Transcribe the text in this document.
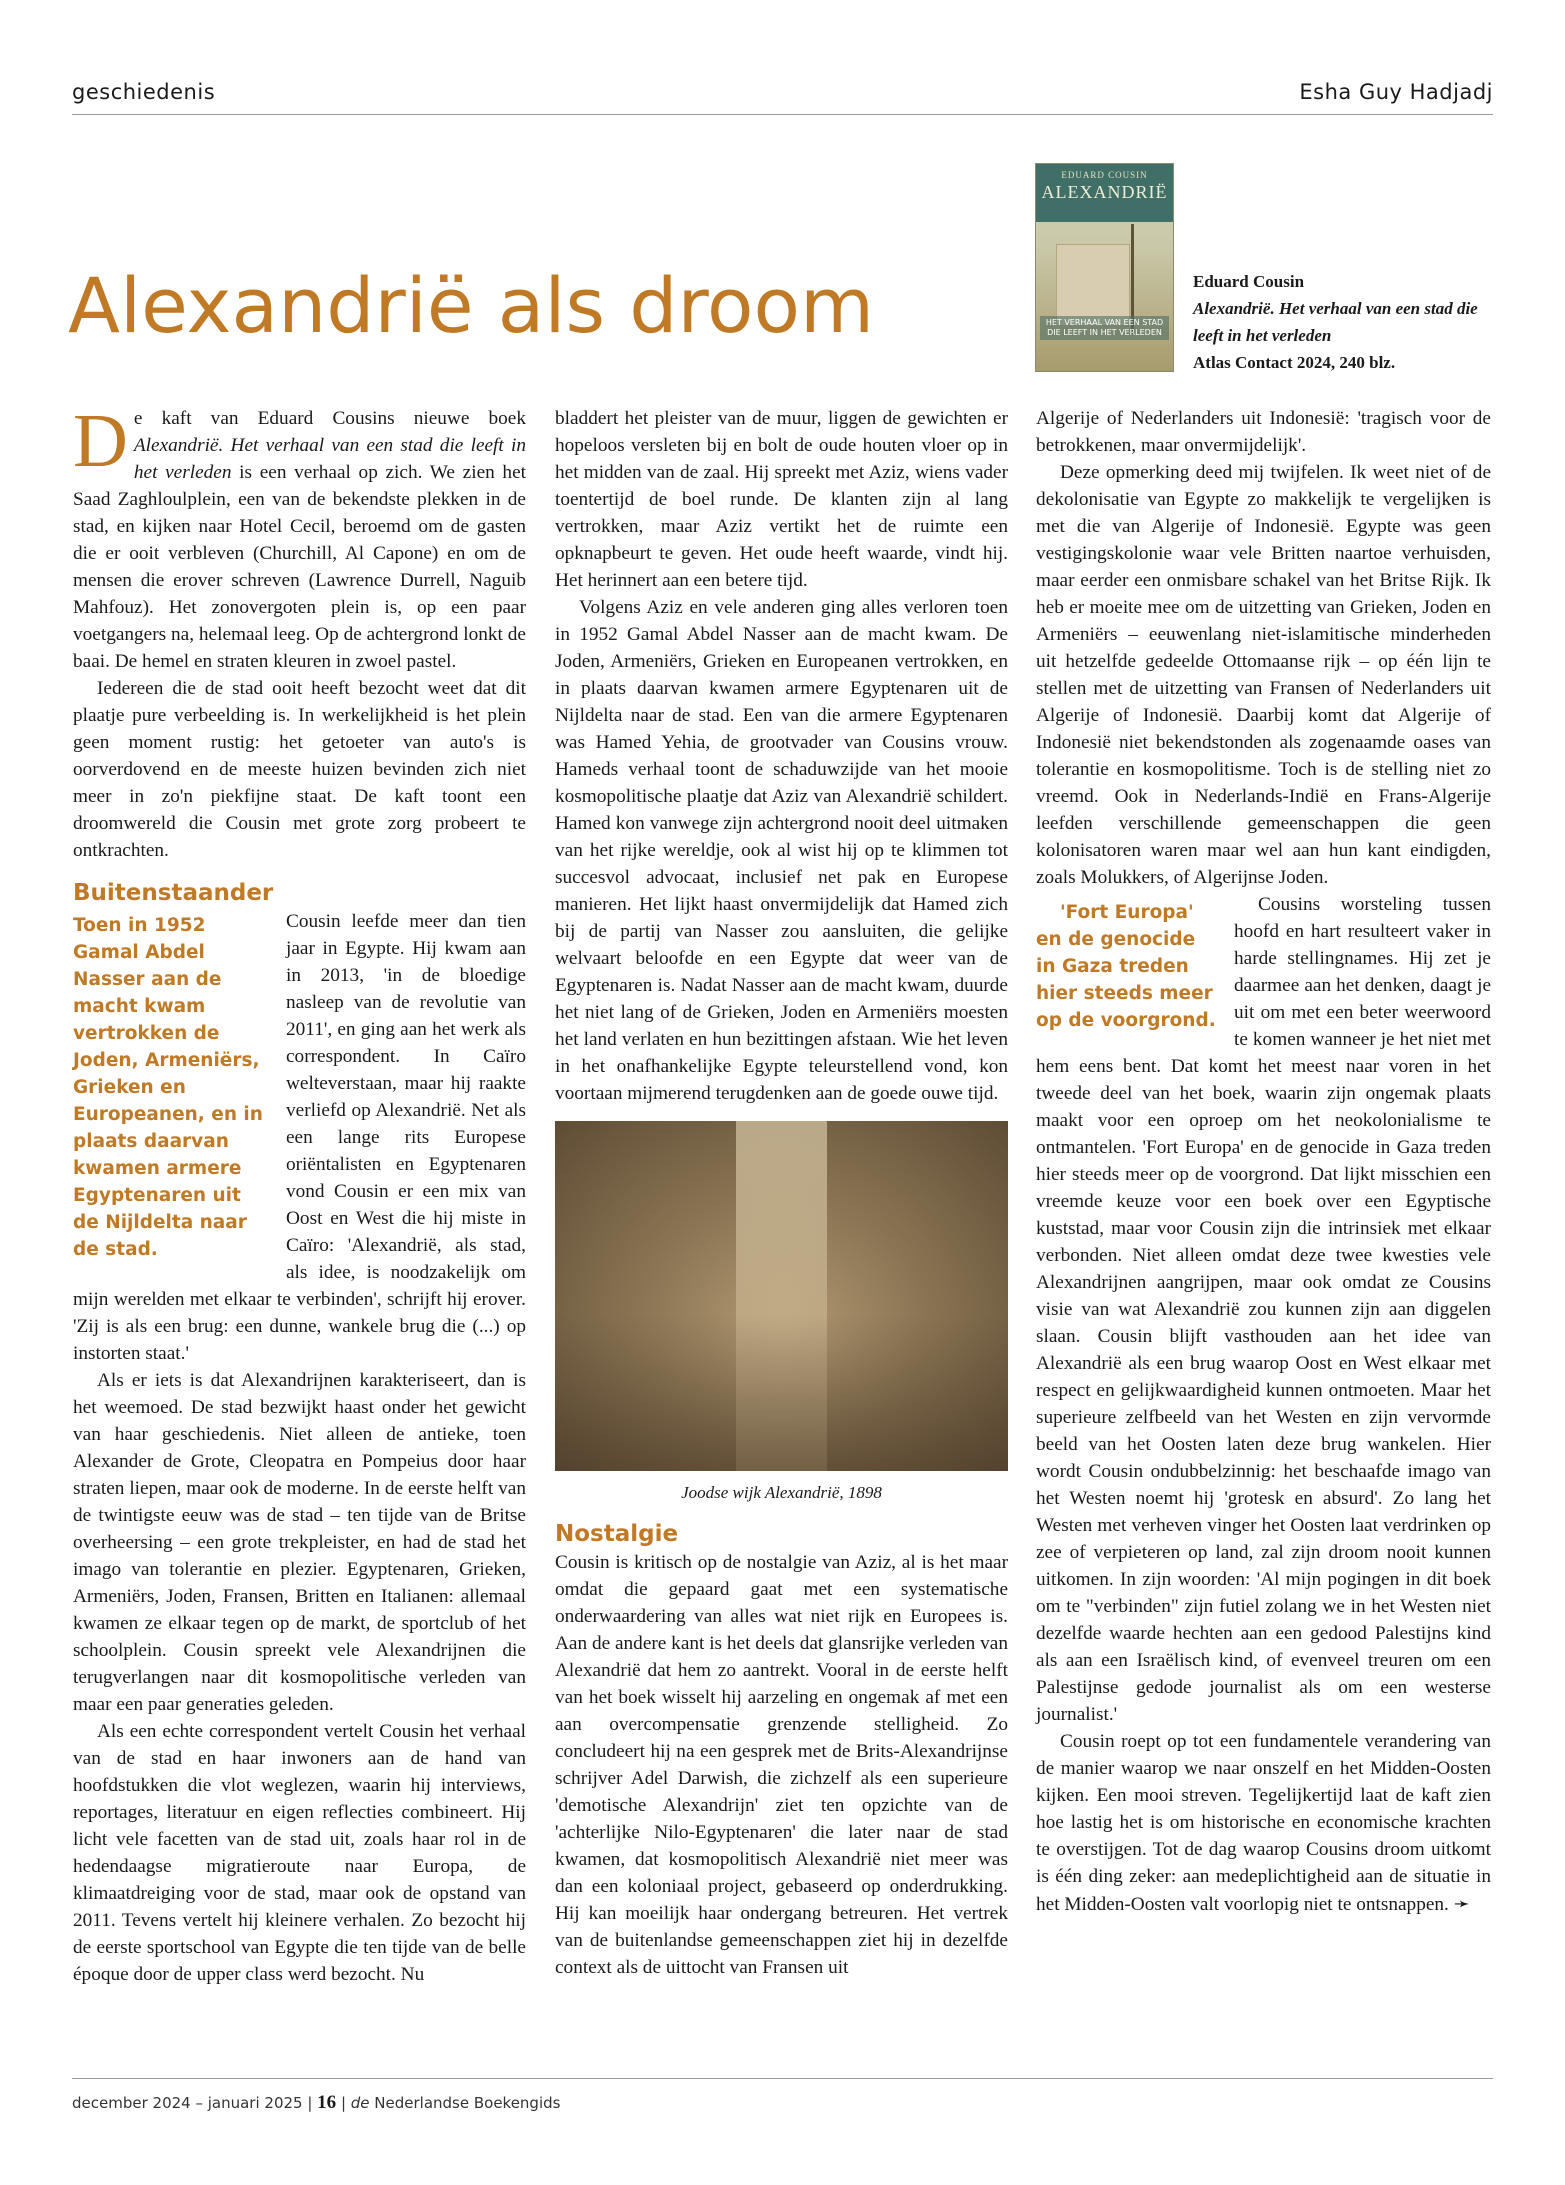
geschiedenis	Esha Guy Hadjadj
Alexandrië als droom
EDUARD COUSIN
ALEXANDRIË
HET VERHAAL VAN EEN STAD DIE LEEFT IN HET VERLEDEN
Eduard Cousin
Alexandrië. Het verhaal van een stad die leeft in het verleden
Atlas Contact 2024, 240 blz.

De kaft van Eduard Cousins nieuwe boek Alexandrië. Het verhaal van een stad die leeft in het verleden is een verhaal op zich. We zien het Saad Zaghloulplein, een van de bekendste plekken in de stad, en kijken naar Hotel Cecil, beroemd om de gasten die er ooit verbleven (Churchill, Al Capone) en om de mensen die erover schreven (Lawrence Durrell, Naguib Mahfouz). Het zonovergoten plein is, op een paar voetgangers na, helemaal leeg. Op de achtergrond lonkt de baai. De hemel en straten kleuren in zwoel pastel.

Iedereen die de stad ooit heeft bezocht weet dat dit plaatje pure verbeelding is. In werkelijkheid is het plein geen moment rustig: het getoeter van auto's is oorverdovend en de meeste huizen bevinden zich niet meer in zo'n piekfijne staat. De kaft toont een droomwereld die Cousin met grote zorg probeert te ontkrachten.

Buitenstaander

Toen in 1952 Gamal Abdel Nasser aan de macht kwam vertrokken de Joden, Armeniërs, Grieken en Europeanen, en in plaats daarvan kwamen armere Egyptenaren uit de Nijldelta naar de stad.
Cousin leefde meer dan tien jaar in Egypte. Hij kwam aan in 2013, 'in de bloedige nasleep van de revolutie van 2011', en ging aan het werk als correspondent. In Caïro welteverstaan, maar hij raakte verliefd op Alexandrië. Net als een lange rits Europese oriëntalisten en Egyptenaren vond Cousin er een mix van Oost en West die hij miste in Caïro: 'Alexandrië, als stad, als idee, is noodzakelijk om mijn werelden met elkaar te verbinden', schrijft hij erover. 'Zij is als een brug: een dunne, wankele brug die (...) op instorten staat.'

Als er iets is dat Alexandrijnen karakteriseert, dan is het weemoed. De stad bezwijkt haast onder het gewicht van haar geschiedenis. Niet alleen de antieke, toen Alexander de Grote, Cleopatra en Pompeius door haar straten liepen, maar ook de moderne. In de eerste helft van de twintigste eeuw was de stad – ten tijde van de Britse overheersing – een grote trekpleister, en had de stad het imago van tolerantie en plezier. Egyptenaren, Grieken, Armeniërs, Joden, Fransen, Britten en Italianen: allemaal kwamen ze elkaar tegen op de markt, de sportclub of het schoolplein. Cousin spreekt vele Alexandrijnen die terugverlangen naar dit kosmopolitische verleden van maar een paar generaties geleden.

Als een echte correspondent vertelt Cousin het verhaal van de stad en haar inwoners aan de hand van hoofdstukken die vlot weglezen, waarin hij interviews, reportages, literatuur en eigen reflecties combineert. Hij licht vele facetten van de stad uit, zoals haar rol in de hedendaagse migratieroute naar Europa, de klimaatdreiging voor de stad, maar ook de opstand van 2011. Tevens vertelt hij kleinere verhalen. Zo bezocht hij de eerste sportschool van Egypte die ten tijde van de belle époque door de upper class werd bezocht. Nu

bladdert het pleister van de muur, liggen de gewichten er hopeloos versleten bij en bolt de oude houten vloer op in het midden van de zaal. Hij spreekt met Aziz, wiens vader toentertijd de boel runde. De klanten zijn al lang vertrokken, maar Aziz vertikt het de ruimte een opknapbeurt te geven. Het oude heeft waarde, vindt hij. Het herinnert aan een betere tijd.

Volgens Aziz en vele anderen ging alles verloren toen in 1952 Gamal Abdel Nasser aan de macht kwam. De Joden, Armeniërs, Grieken en Europeanen vertrokken, en in plaats daarvan kwamen armere Egyptenaren uit de Nijldelta naar de stad. Een van die armere Egyptenaren was Hamed Yehia, de grootvader van Cousins vrouw. Hameds verhaal toont de schaduwzijde van het mooie kosmopolitische plaatje dat Aziz van Alexandrië schildert. Hamed kon vanwege zijn achtergrond nooit deel uitmaken van het rijke wereldje, ook al wist hij op te klimmen tot succesvol advocaat, inclusief net pak en Europese manieren. Het lijkt haast onvermijdelijk dat Hamed zich bij de partij van Nasser zou aansluiten, die gelijke welvaart beloofde en een Egypte dat weer van de Egyptenaren is. Nadat Nasser aan de macht kwam, duurde het niet lang of de Grieken, Joden en Armeniërs moesten het land verlaten en hun bezittingen afstaan. Wie het leven in het onafhankelijke Egypte teleurstellend vond, kon voortaan mijmerend terugdenken aan de goede ouwe tijd.

Joodse wijk Alexandrië, 1898
Nostalgie

Cousin is kritisch op de nostalgie van Aziz, al is het maar omdat die gepaard gaat met een systematische onderwaardering van alles wat niet rijk en Europees is. Aan de andere kant is het deels dat glansrijke verleden van Alexandrië dat hem zo aantrekt. Vooral in de eerste helft van het boek wisselt hij aarzeling en ongemak af met een aan overcompensatie grenzende stelligheid. Zo concludeert hij na een gesprek met de Brits-Alexandrijnse schrijver Adel Darwish, die zichzelf als een superieure 'demotische Alexandrijn' ziet ten opzichte van de 'achterlijke Nilo-Egyptenaren' die later naar de stad kwamen, dat kosmopolitisch Alexandrië niet meer was dan een koloniaal project, gebaseerd op onderdrukking. Hij kan moeilijk haar ondergang betreuren. Het vertrek van de buitenlandse gemeenschappen ziet hij in dezelfde context als de uittocht van Fransen uit

Algerije of Nederlanders uit Indonesië: 'tragisch voor de betrokkenen, maar onvermijdelijk'.

Deze opmerking deed mij twijfelen. Ik weet niet of de dekolonisatie van Egypte zo makkelijk te vergelijken is met die van Algerije of Indonesië. Egypte was geen vestigingskolonie waar vele Britten naartoe verhuisden, maar eerder een onmisbare schakel van het Britse Rijk. Ik heb er moeite mee om de uitzetting van Grieken, Joden en Armeniërs – eeuwenlang niet-islamitische minderheden uit hetzelfde gedeelde Ottomaanse rijk – op één lijn te stellen met de uitzetting van Fransen of Nederlanders uit Algerije of Indonesië. Daarbij komt dat Algerije of Indonesië niet bekendstonden als zogenaamde oases van tolerantie en kosmopolitisme. Toch is de stelling niet zo vreemd. Ook in Nederlands-Indië en Frans-Algerije leefden verschillende gemeenschappen die geen kolonisatoren waren maar wel aan hun kant eindigden, zoals Molukkers, of Algerijnse Joden.

'Fort Europa' en de genocide in Gaza treden hier steeds meer op de voorgrond.
Cousins worsteling tussen hoofd en hart resulteert vaker in harde stellingnames. Hij zet je daarmee aan het denken, daagt je uit om met een beter weerwoord te komen wanneer je het niet met hem eens bent. Dat komt het meest naar voren in het tweede deel van het boek, waarin zijn ongemak plaats maakt voor een oproep om het neokolonialisme te ontmantelen. 'Fort Europa' en de genocide in Gaza treden hier steeds meer op de voorgrond. Dat lijkt misschien een vreemde keuze voor een boek over een Egyptische kuststad, maar voor Cousin zijn die intrinsiek met elkaar verbonden. Niet alleen omdat deze twee kwesties vele Alexandrijnen aangrijpen, maar ook omdat ze Cousins visie van wat Alexandrië zou kunnen zijn aan diggelen slaan. Cousin blijft vasthouden aan het idee van Alexandrië als een brug waarop Oost en West elkaar met respect en gelijkwaardigheid kunnen ontmoeten. Maar het superieure zelfbeeld van het Westen en zijn vervormde beeld van het Oosten laten deze brug wankelen. Hier wordt Cousin ondubbelzinnig: het beschaafde imago van het Westen noemt hij 'grotesk en absurd'. Zo lang het Westen met verheven vinger het Oosten laat verdrinken op zee of verpieteren op land, zal zijn droom nooit kunnen uitkomen. In zijn woorden: 'Al mijn pogingen in dit boek om te "verbinden" zijn futiel zolang we in het Westen niet dezelfde waarde hechten aan een gedood Palestijns kind als aan een Israëlisch kind, of evenveel treuren om een Palestijnse gedode journalist als om een westerse journalist.'

Cousin roept op tot een fundamentele verandering van de manier waarop we naar onszelf en het Midden-Oosten kijken. Een mooi streven. Tegelijkertijd laat de kaft zien hoe lastig het is om historische en economische krachten te overstijgen. Tot de dag waarop Cousins droom uitkomt is één ding zeker: aan medeplichtigheid aan de situatie in het Midden-Oosten valt voorlopig niet te ontsnappen. ➛

december 2024 – januari 2025 | 16 | de Nederlandse Boekengids
